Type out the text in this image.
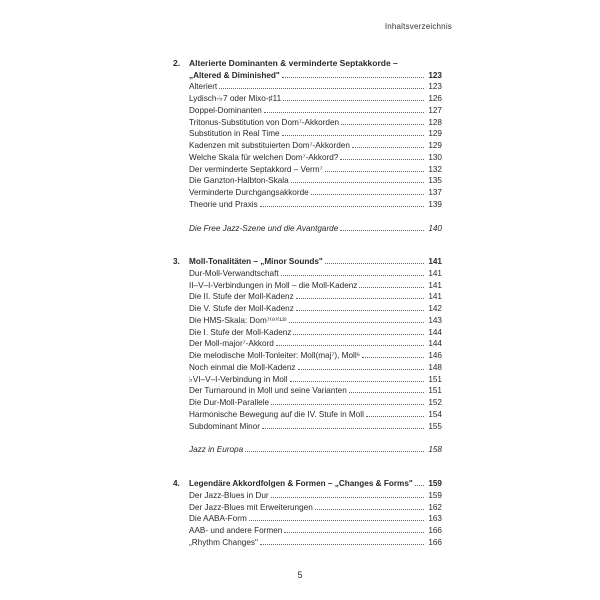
Inhaltsverzeichnis
2.	Alterierte Dominanten & verminderte Septakkorde –
„Altered & Diminished"	123
Alteriert	123
Lydisch-♭7 oder Mixo-♯11	126
Doppel-Dominanten	127
Tritonus-Substitution von Dom⁷-Akkorden	128
Substitution in Real Time	129
Kadenzen mit substituierten Dom⁷-Akkorden	129
Welche Skala für welchen Dom⁷-Akkord?	130
Der verminderte Septakkord – Verm⁷	132
Die Ganzton-Halbton-Skala	135
Verminderte Durchgangsakkorde	137
Theorie und Praxis	139
Die Free Jazz-Szene und die Avantgarde	140
3.	Moll-Tonalitäten – „Minor Sounds"	141
Dur-Moll-Verwandtschaft	141
II–V–I-Verbindungen in Moll – die Moll-Kadenz	141
Die II. Stufe der Moll-Kadenz	141
Die V. Stufe der Moll-Kadenz	142
Die HMS-Skala: Dom⁷⁽⁹⁾⁽¹³⁾	143
Die I. Stufe der Moll-Kadenz	144
Der Moll-major⁷-Akkord	144
Die melodische Moll-Tonleiter: Moll(maj⁷), Moll⁶	146
Noch einmal die Moll-Kadenz	148
♭VI–V–I-Verbindung in Moll	151
Der Turnaround in Moll und seine Varianten	151
Die Dur-Moll-Parallele	152
Harmonische Bewegung auf die IV. Stufe in Moll	154
Subdominant Minor	155
Jazz in Europa	158
4.	Legendäre Akkordfolgen & Formen – „Changes & Forms" 159
Der Jazz-Blues in Dur	159
Der Jazz-Blues mit Erweiterungen	162
Die AABA-Form	163
AAB- und andere Formen	166
„Rhythm Changes"	166
5
